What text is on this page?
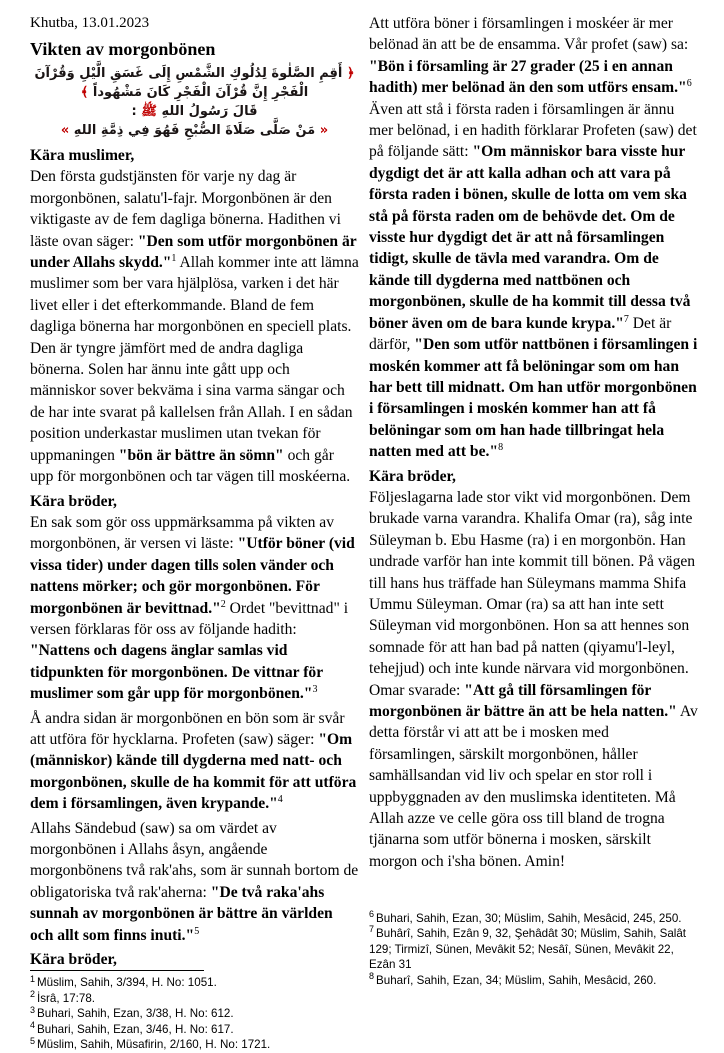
Khutba, 13.01.2023
Vikten av morgonbönen
﴿ أَقِمِ الصَّلٰوةَ لِدُلُوكِ الشَّمْسِ إِلَى غَسَقِ الَّيْلِ وَقُرْآنَ الْفَجْرِ إِنَّ قُرْآنَ الْفَجْرِ كَانَ مَشْهُوداً ﴾
قَالَ رَسُولُ اللهِ ﷺ :
« مَنْ صَلَّى صَلَاةَ الصُّبْحِ فَهُوَ فِي ذِمَّةِ اللهِ »

Kära muslimer,

Den första gudstjänsten för varje ny dag är morgonbönen, salatu'l-fajr. Morgonbönen är den viktigaste av de fem dagliga bönerna. Hadithen vi läste ovan säger: "Den som utför morgonbönen är under Allahs skydd."$^1$ Allah kommer inte att lämna muslimer som ber vara hjälplösa, varken i det här livet eller i det efterkommande. Bland de fem dagliga bönerna har morgonbönen en speciell plats. Den är tyngre jämfört med de andra dagliga bönerna. Solen har ännu inte gått upp och människor sover bekväma i sina varma sängar och de har inte svarat på kallelsen från Allah. I en sådan position underkastar muslimen utan tvekan för uppmaningen "bön är bättre än sömn" och går upp för morgonbönen och tar vägen till moskéerna.

Kära bröder,

En sak som gör oss uppmärksamma på vikten av morgonbönen, är versen vi läste: "Utför böner (vid vissa tider) under dagen tills solen vänder och nattens mörker; och gör morgonbönen. För morgonbönen är bevittnad."$^2$ Ordet "bevittnad" i versen förklaras för oss av följande hadith: "Nattens och dagens änglar samlas vid tidpunkten för morgonbönen. De vittnar för muslimer som går upp för morgonbönen."$^3$

Å andra sidan är morgonbönen en bön som är svår att utföra för hycklarna. Profeten (saw) säger: "Om (människor) kände till dygderna med natt- och morgonbönen, skulle de ha kommit för att utföra dem i församlingen, även krypande."$^4$

Allahs Sändebud (saw) sa om värdet av morgonbönen i Allahs åsyn, angående morgonbönens två rak'ahs, som är sunnah bortom de obligatoriska två rak'aherna: "De två raka'ahs sunnah av morgonbönen är bättre än världen och allt som finns inuti."$^5$

Kära bröder,

$^1$ Müslim, Sahih, 3/394, H. No: 1051.
$^2$ İsrâ, 17:78.
$^3$ Buhari, Sahih, Ezan, 3/38, H. No: 612.
$^4$ Buhari, Sahih, Ezan, 3/46, H. No: 617.
$^5$ Müslim, Sahih, Müsafirin, 2/160, H. No: 1721.

Att utföra böner i församlingen i moskéer är mer belönad än att be de ensamma. Vår profet (saw) sa: "Bön i församling är 27 grader (25 i en annan hadith) mer belönad än den som utförs ensam."$^6$ Även att stå i första raden i församlingen är ännu mer belönad, i en hadith förklarar Profeten (saw) det på följande sätt: "Om människor bara visste hur dygdigt det är att kalla adhan och att vara på första raden i bönen, skulle de lotta om vem ska stå på första raden om de behövde det. Om de visste hur dygdigt det är att nå församlingen tidigt, skulle de tävla med varandra. Om de kände till dygderna med nattbönen och morgonbönen, skulle de ha kommit till dessa två böner även om de bara kunde krypa."$^7$ Det är därför, "Den som utför nattbönen i församlingen i moskén kommer att få belöningar som om han har bett till midnatt. Om han utför morgonbönen i församlingen i moskén kommer han att få belöningar som om han hade tillbringat hela natten med att be."$^8$

Kära bröder,

Följeslagarna lade stor vikt vid morgonbönen. Dem brukade varna varandra. Khalifa Omar (ra), såg inte Süleyman b. Ebu Hasme (ra) i en morgonbön. Han undrade varför han inte kommit till bönen. På vägen till hans hus träffade han Süleymans mamma Shifa Ummu Süleyman. Omar (ra) sa att han inte sett Süleyman vid morgonbönen. Hon sa att hennes son somnade för att han bad på natten (qiyamu'l-leyl, tehejjud) och inte kunde närvara vid morgonbönen. Omar svarade: "Att gå till församlingen för morgonbönen är bättre än att be hela natten." Av detta förstår vi att att be i mosken med församlingen, särskilt morgonbönen, håller samhällsandan vid liv och spelar en stor roll i uppbyggnaden av den muslimska identiteten. Må Allah azze ve celle göra oss till bland de trogna tjänarna som utför bönerna i mosken, särskilt morgon och i'sha bönen. Amin!

$^6$ Buhari, Sahih, Ezan, 30; Müslim, Sahih, Mesâcid, 245, 250.
$^7$ Buhârî, Sahih, Ezân 9, 32, Şehâdât 30; Müslim, Sahih, Salât 129; Tirmizî, Sünen, Mevâkit 52; Nesâî, Sünen, Mevâkit 22, Ezân 31
$^8$ Buharî, Sahih, Ezan, 34; Müslim, Sahih, Mesâcid, 260.
